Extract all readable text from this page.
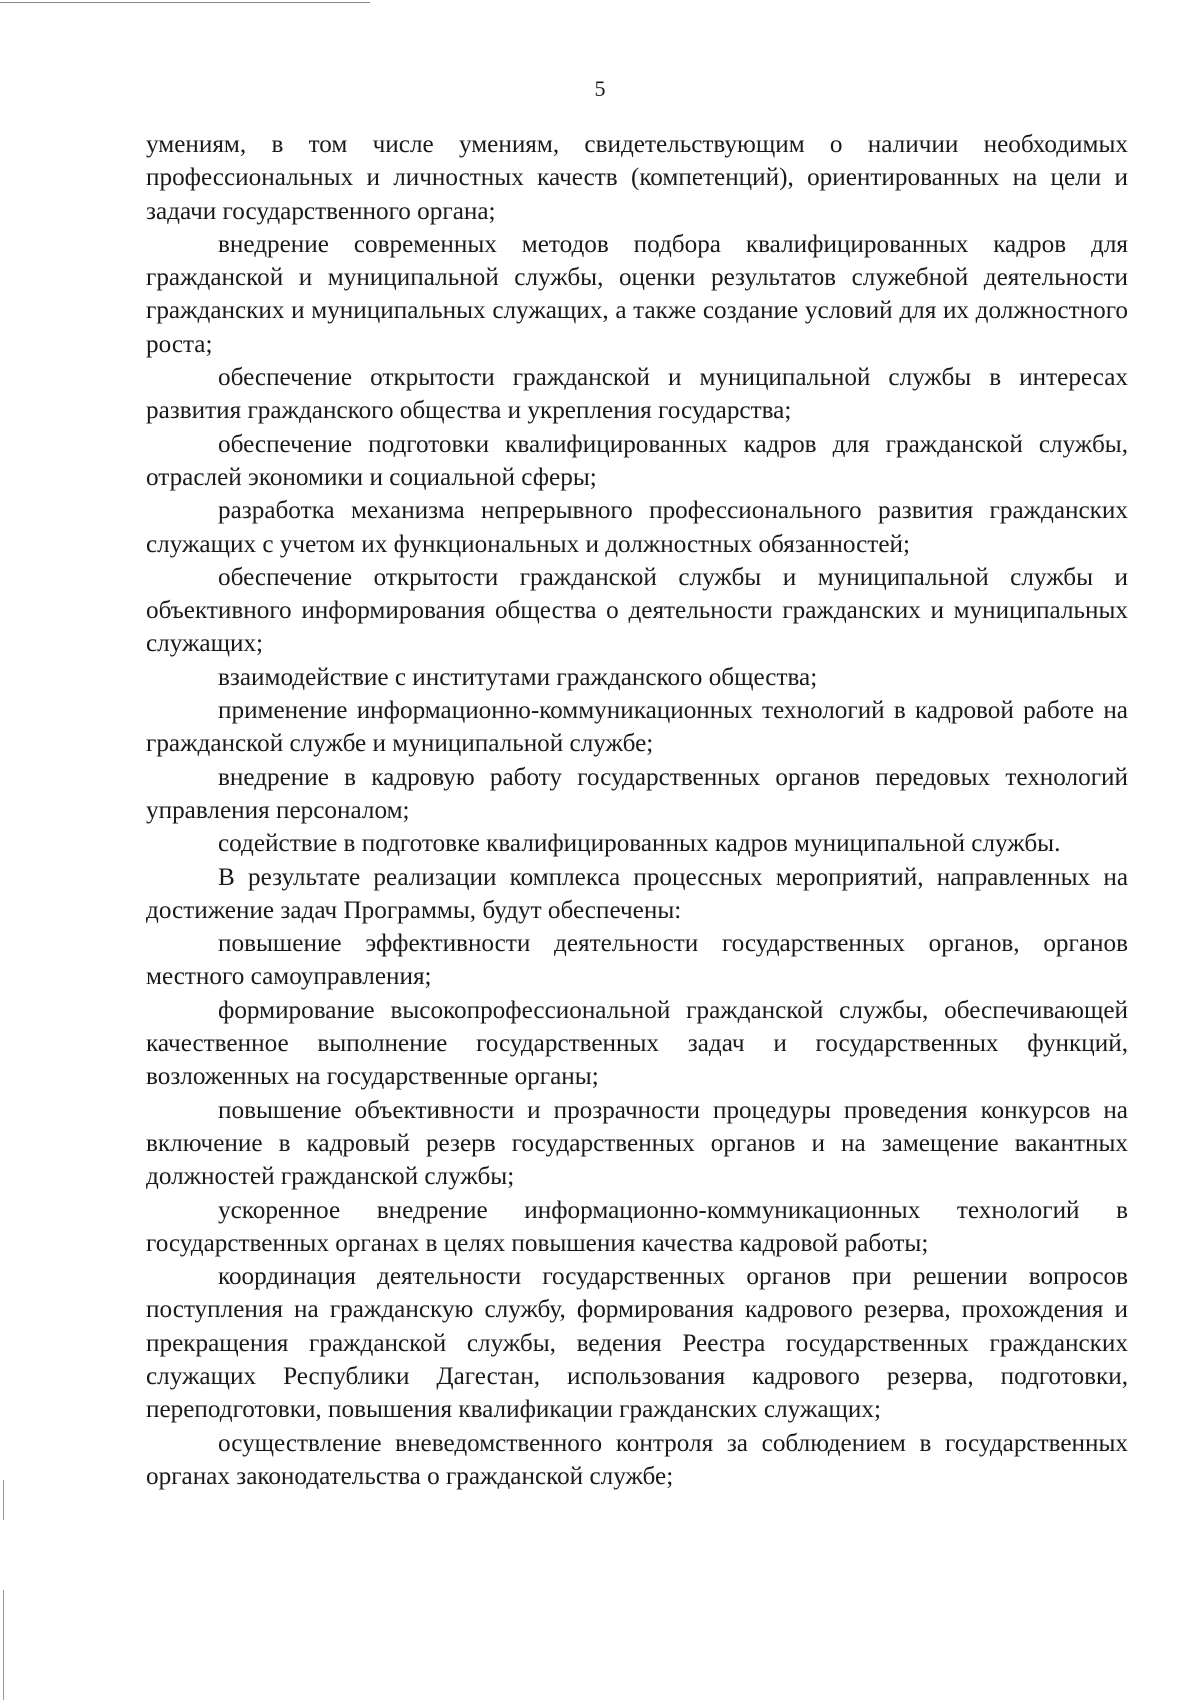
5

умениям, в том числе умениям, свидетельствующим о наличии необходимых профессиональных и личностных качеств (компетенций), ориентированных на цели и задачи государственного органа;

внедрение современных методов подбора квалифицированных кадров для гражданской и муниципальной службы, оценки результатов служебной деятельности гражданских и муниципальных служащих, а также создание условий для их должностного роста;

обеспечение открытости гражданской и муниципальной службы в интересах развития гражданского общества и укрепления государства;

обеспечение подготовки квалифицированных кадров для гражданской службы, отраслей экономики и социальной сферы;

разработка механизма непрерывного профессионального развития гражданских служащих с учетом их функциональных и должностных обязанностей;

обеспечение открытости гражданской службы и муниципальной службы и объективного информирования общества о деятельности гражданских и муниципальных служащих;

взаимодействие с институтами гражданского общества;

применение информационно-коммуникационных технологий в кадровой работе на гражданской службе и муниципальной службе;

внедрение в кадровую работу государственных органов передовых технологий управления персоналом;

содействие в подготовке квалифицированных кадров муниципальной службы.

В результате реализации комплекса процессных мероприятий, направленных на достижение задач Программы, будут обеспечены:

повышение эффективности деятельности государственных органов, органов местного самоуправления;

формирование высокопрофессиональной гражданской службы, обеспечивающей качественное выполнение государственных задач и государственных функций, возложенных на государственные органы;

повышение объективности и прозрачности процедуры проведения конкурсов на включение в кадровый резерв государственных органов и на замещение вакантных должностей гражданской службы;

ускоренное внедрение информационно-коммуникационных технологий в государственных органах в целях повышения качества кадровой работы;

координация деятельности государственных органов при решении вопросов поступления на гражданскую службу, формирования кадрового резерва, прохождения и прекращения гражданской службы, ведения Реестра государственных гражданских служащих Республики Дагестан, использования кадрового резерва, подготовки, переподготовки, повышения квалификации гражданских служащих;

осуществление вневедомственного контроля за соблюдением в государственных органах законодательства о гражданской службе;
